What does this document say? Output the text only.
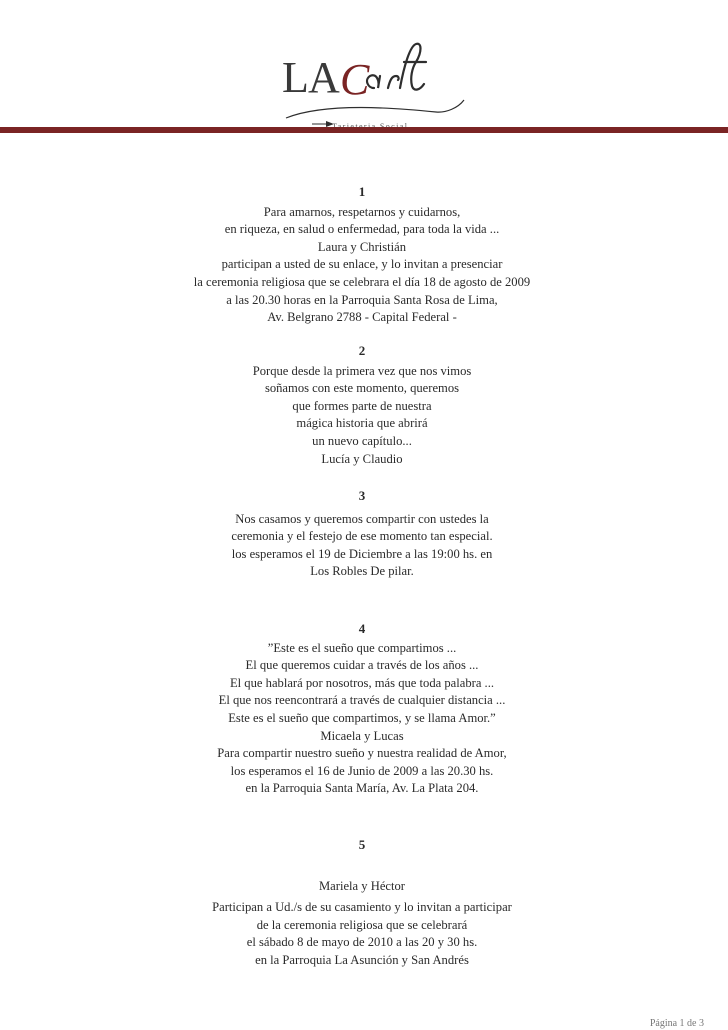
L A C
1
Para amarnos, respetarnos y cuidarnos,
en riqueza, en salud o enfermedad, para toda la vida ...
Laura y Christián
participan a usted de su enlace, y lo invitan a presenciar
la ceremonia religiosa que se celebrara el día 18 de agosto de 2009
a las 20.30 horas en la Parroquia Santa Rosa de Lima,
Av. Belgrano 2788 - Capital Federal -
2
Porque desde la primera vez que nos vimos
soñamos con este momento, queremos
que formes parte de nuestra
mágica historia que abrirá
un nuevo capítulo...
Lucía y Claudio
3
Nos casamos y queremos compartir con ustedes la
ceremonia y el festejo de ese momento tan especial.
los esperamos el 19 de Diciembre a las 19:00 hs. en
Los Robles De pilar.
4
”Este es el sueño que compartimos ...
El que queremos cuidar a través de los años ...
El que hablará por nosotros, más que toda palabra ...
El que nos reencontrará a través de cualquier distancia ...
Este es el sueño que compartimos, y se llama Amor.”
Micaela y Lucas
Para compartir nuestro sueño y nuestra realidad de Amor,
los esperamos el 16 de Junio de 2009 a las 20.30 hs.
en la Parroquia Santa María, Av. La Plata 204.
5
Mariela y Héctor
Participan a Ud./s de su casamiento y lo invitan a participar
de la ceremonia religiosa que se celebrará
el sábado 8 de mayo de 2010 a las 20 y 30 hs.
en la Parroquia La Asunción y San Andrés
Página 1 de 3
